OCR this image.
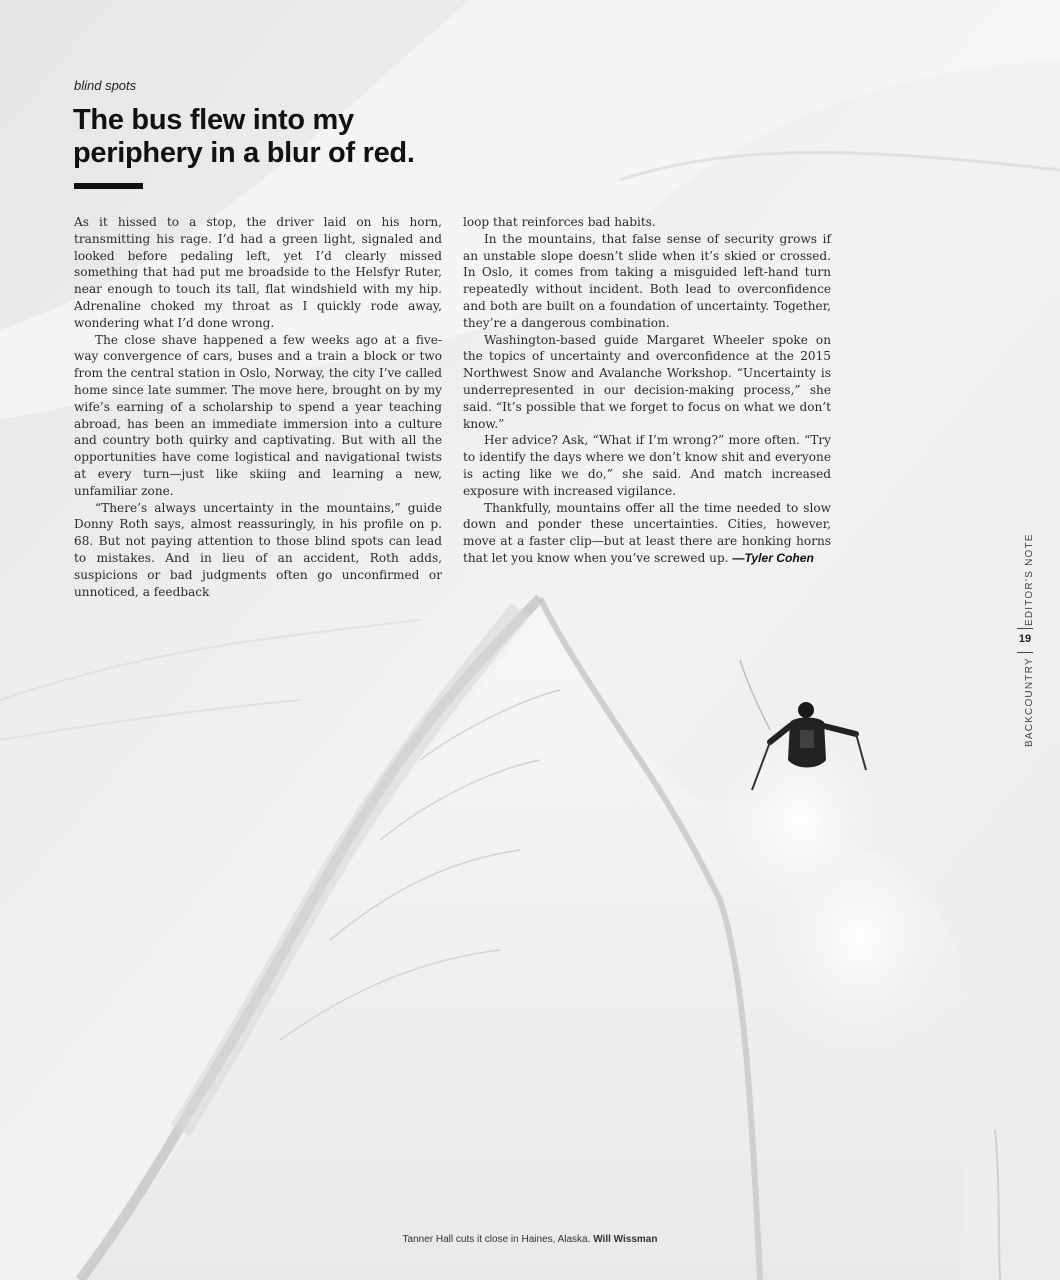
blind spots
The bus flew into my
periphery in a blur of red.

As it hissed to a stop, the driver laid on his horn, transmitting his rage. I’d had a green light, signaled and looked before pedaling left, yet I’d clearly missed something that had put me broadside to the Helsfyr Ruter, near enough to touch its tall, flat windshield with my hip. Adrenaline choked my throat as I quickly rode away, wondering what I’d done wrong.

The close shave happened a few weeks ago at a five-way convergence of cars, buses and a train a block or two from the central station in Oslo, Norway, the city I’ve called home since late summer. The move here, brought on by my wife’s earning of a scholarship to spend a year teaching abroad, has been an immediate immersion into a culture and country both quirky and captivating. But with all the opportunities have come logistical and navigational twists at every turn—just like skiing and learning a new, unfamiliar zone.

“There’s always uncertainty in the mountains,” guide Donny Roth says, almost reassuringly, in his profile on p. 68. But not paying attention to those blind spots can lead to mistakes. And in lieu of an accident, Roth adds, suspicions or bad judgments often go unconfirmed or unnoticed, a feedback

loop that reinforces bad habits.

In the mountains, that false sense of security grows if an unstable slope doesn’t slide when it’s skied or crossed. In Oslo, it comes from taking a misguided left-hand turn repeatedly without incident. Both lead to overconfidence and both are built on a foundation of uncertainty. Together, they’re a dangerous combination.

Washington-based guide Margaret Wheeler spoke on the topics of uncertainty and overconfidence at the 2015 Northwest Snow and Avalanche Workshop. “Uncertainty is underrepresented in our decision-making process,” she said. “It’s possible that we forget to focus on what we don’t know.”

Her advice? Ask, “What if I’m wrong?” more often. “Try to identify the days where we don’t know shit and everyone is acting like we do,” she said. And match increased exposure with increased vigilance.

Thankfully, mountains offer all the time needed to slow down and ponder these uncertainties. Cities, however, move at a faster clip—but at least there are honking horns that let you know when you’ve screwed up. —Tyler Cohen

BACKCOUNTRY
EDITOR’S NOTE
19
Tanner Hall cuts it close in Haines, Alaska. Will Wissman
